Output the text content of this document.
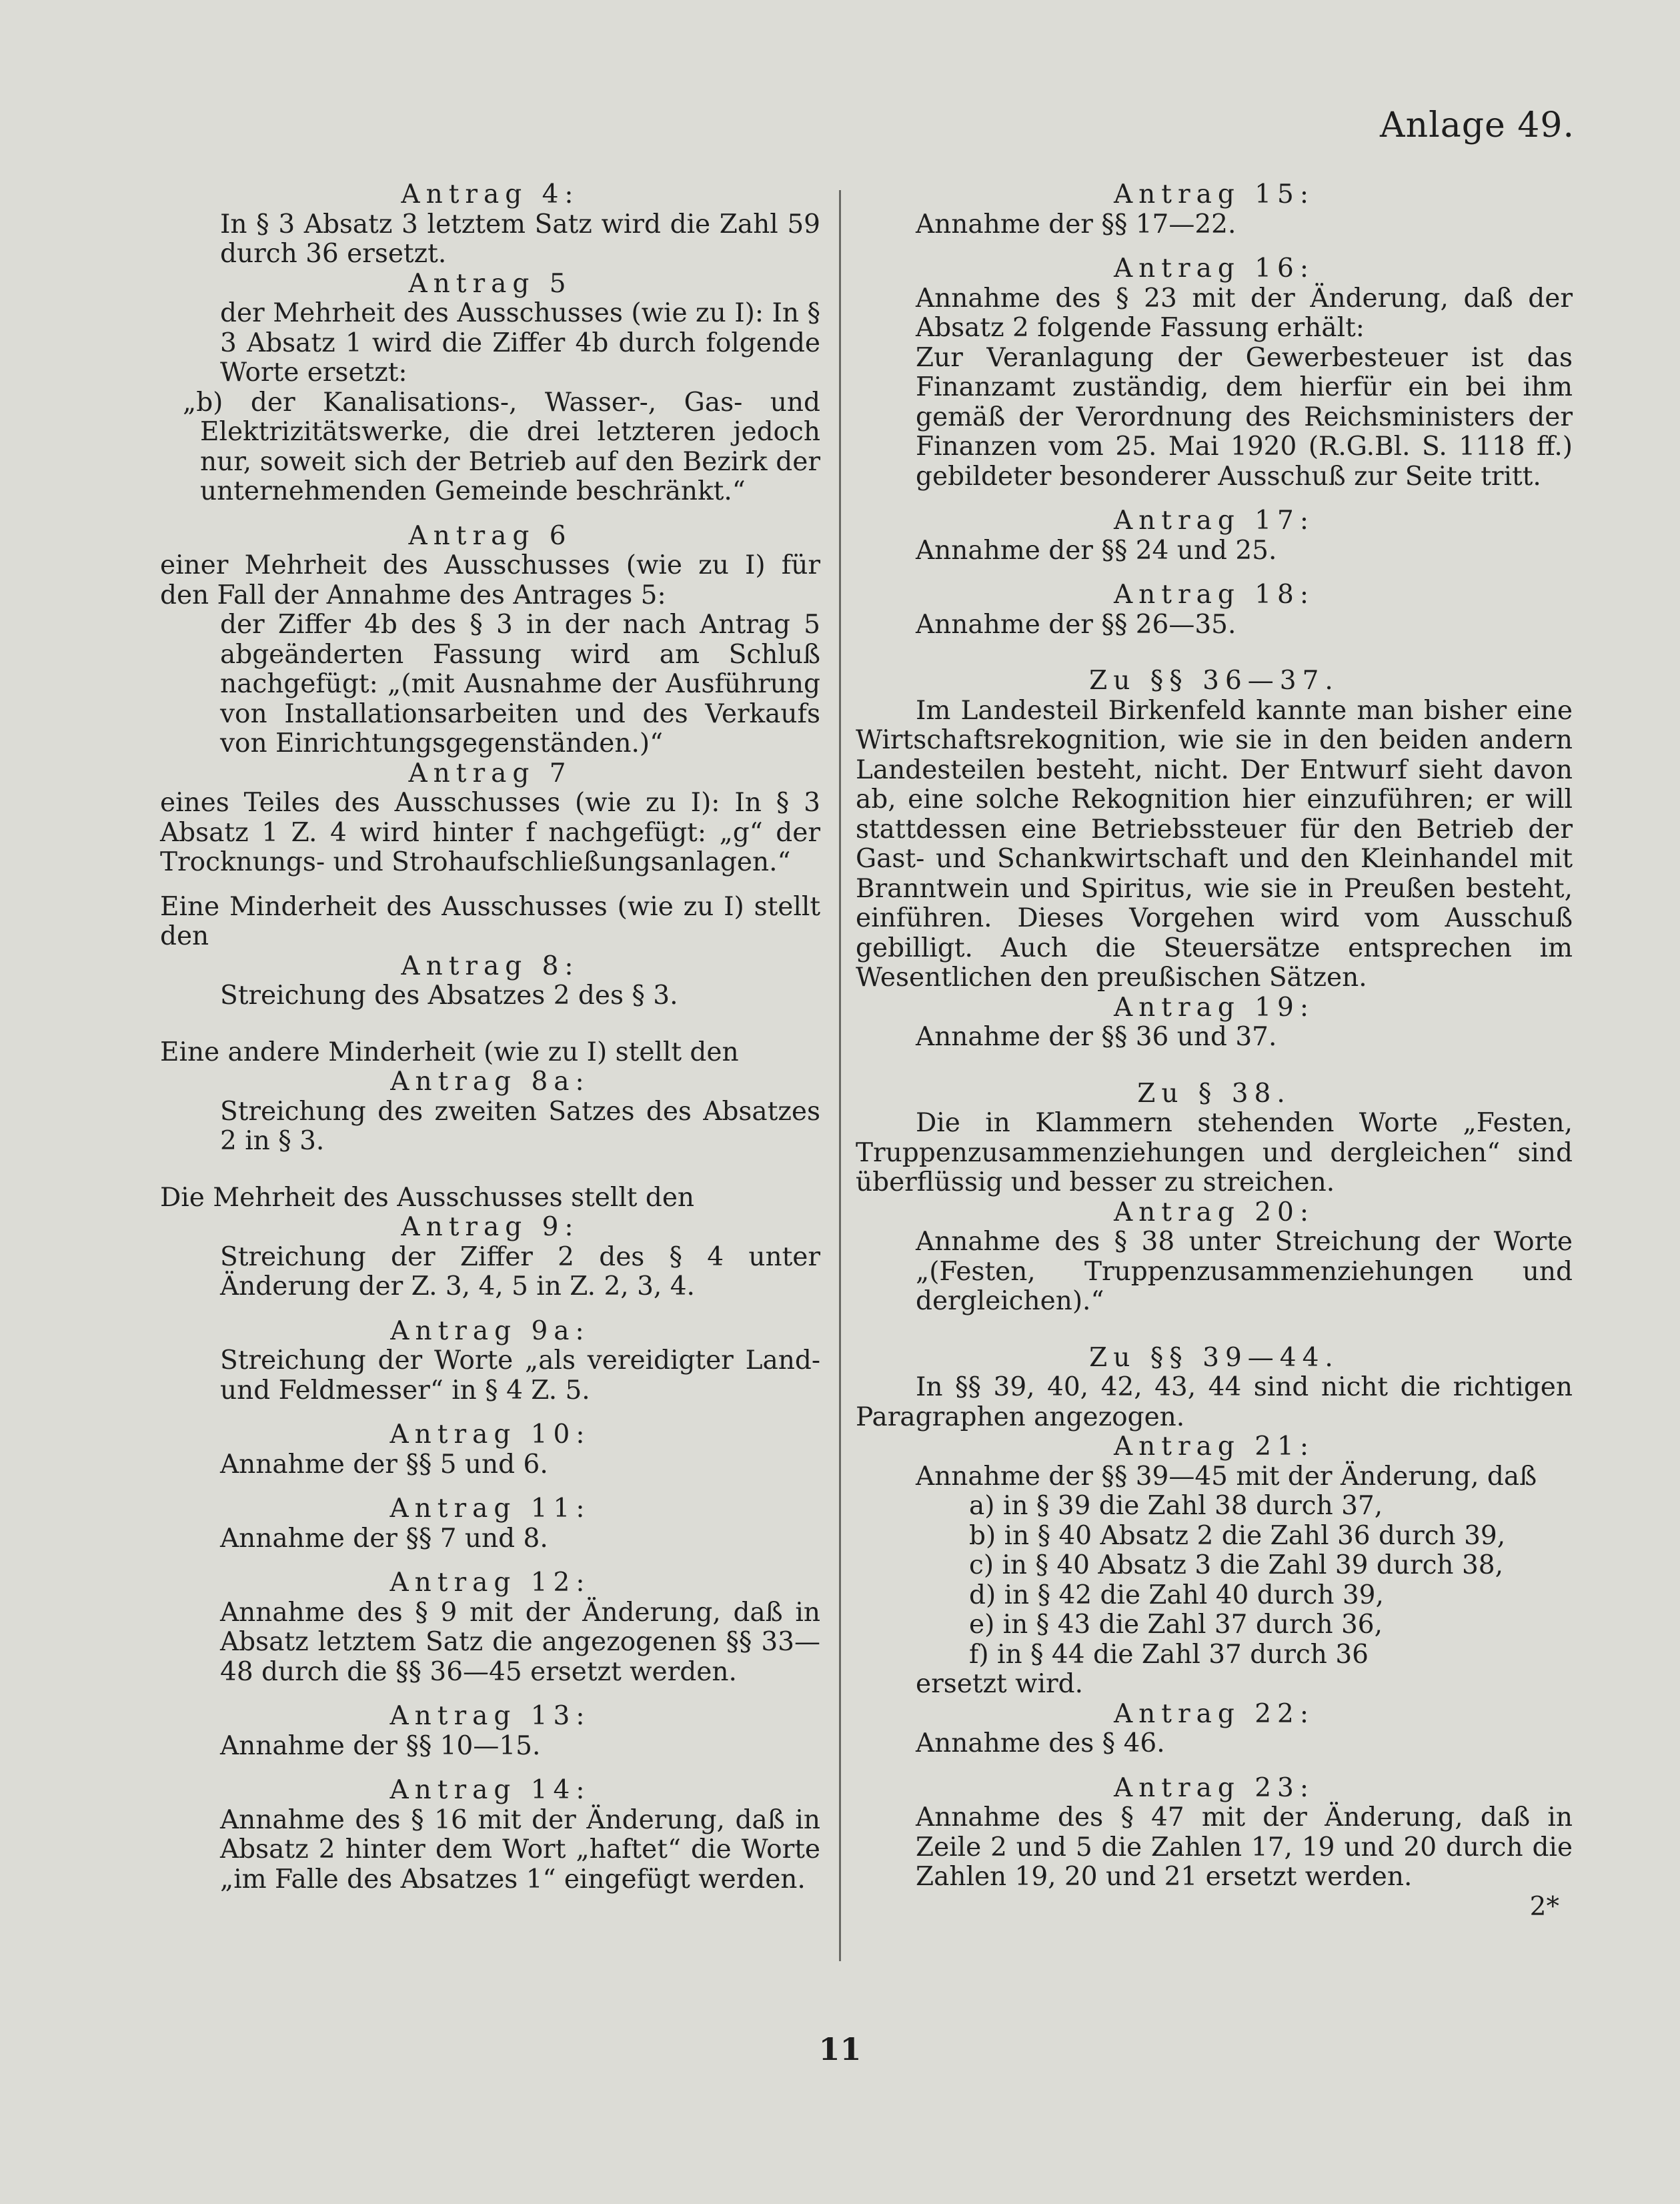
Anlage 49.

Antrag 4:

In § 3 Absatz 3 letztem Satz wird die Zahl 59 durch 36 ersetzt.

Antrag 5

der Mehrheit des Ausschusses (wie zu I): In § 3 Absatz 1 wird die Ziffer 4b durch folgende Worte ersetzt:

„b) der Kanalisations-, Wasser-, Gas- und Elektrizitätswerke, die drei letzteren jedoch nur, soweit sich der Betrieb auf den Bezirk der unternehmenden Gemeinde beschränkt.“

Antrag 6

einer Mehrheit des Ausschusses (wie zu I) für den Fall der Annahme des Antrages 5:

der Ziffer 4b des § 3 in der nach Antrag 5 abgeänderten Fassung wird am Schluß nachgefügt: „(mit Ausnahme der Ausführung von Installationsarbeiten und des Verkaufs von Einrichtungsgegenständen.)“

Antrag 7

eines Teiles des Ausschusses (wie zu I): In § 3 Absatz 1 Z. 4 wird hinter f nachgefügt: „g“ der Trocknungs- und Strohaufschließungsanlagen.“

Eine Minderheit des Ausschusses (wie zu I) stellt den

Antrag 8:

Streichung des Absatzes 2 des § 3.

Eine andere Minderheit (wie zu I) stellt den

Antrag 8a:

Streichung des zweiten Satzes des Absatzes 2 in § 3.

Die Mehrheit des Ausschusses stellt den

Antrag 9:

Streichung der Ziffer 2 des § 4 unter Änderung der Z. 3, 4, 5 in Z. 2, 3, 4.

Antrag 9a:

Streichung der Worte „als vereidigter Land- und Feldmesser“ in § 4 Z. 5.

Antrag 10:

Annahme der §§ 5 und 6.

Antrag 11:

Annahme der §§ 7 und 8.

Antrag 12:

Annahme des § 9 mit der Änderung, daß in Absatz letztem Satz die angezogenen §§ 33—48 durch die §§ 36—45 ersetzt werden.

Antrag 13:

Annahme der §§ 10—15.

Antrag 14:

Annahme des § 16 mit der Änderung, daß in Absatz 2 hinter dem Wort „haftet“ die Worte „im Falle des Absatzes 1“ eingefügt werden.

Antrag 15:

Annahme der §§ 17—22.

Antrag 16:

Annahme des § 23 mit der Änderung, daß der Absatz 2 folgende Fassung erhält:

Zur Veranlagung der Gewerbesteuer ist das Finanzamt zuständig, dem hierfür ein bei ihm gemäß der Verordnung des Reichsministers der Finanzen vom 25. Mai 1920 (R.G.Bl. S. 1118 ff.) gebildeter besonderer Ausschuß zur Seite tritt.

Antrag 17:

Annahme der §§ 24 und 25.

Antrag 18:

Annahme der §§ 26—35.

Zu §§ 36—37.

Im Landesteil Birkenfeld kannte man bisher eine Wirtschaftsrekognition, wie sie in den beiden andern Landesteilen besteht, nicht. Der Entwurf sieht davon ab, eine solche Rekognition hier einzuführen; er will stattdessen eine Betriebssteuer für den Betrieb der Gast- und Schankwirtschaft und den Kleinhandel mit Branntwein und Spiritus, wie sie in Preußen besteht, einführen. Dieses Vorgehen wird vom Ausschuß gebilligt. Auch die Steuersätze entsprechen im Wesentlichen den preußischen Sätzen.

Antrag 19:

Annahme der §§ 36 und 37.

Zu § 38.

Die in Klammern stehenden Worte „Festen, Truppenzusammenziehungen und dergleichen“ sind überflüssig und besser zu streichen.

Antrag 20:

Annahme des § 38 unter Streichung der Worte „(Festen, Truppenzusammenziehungen und dergleichen).“

Zu §§ 39—44.

In §§ 39, 40, 42, 43, 44 sind nicht die richtigen Paragraphen angezogen.

Antrag 21:

Annahme der §§ 39—45 mit der Änderung, daß

a) in § 39 die Zahl 38 durch 37,

b) in § 40 Absatz 2 die Zahl 36 durch 39,

c) in § 40 Absatz 3 die Zahl 39 durch 38,

d) in § 42 die Zahl 40 durch 39,

e) in § 43 die Zahl 37 durch 36,

f) in § 44 die Zahl 37 durch 36

ersetzt wird.

Antrag 22:

Annahme des § 46.

Antrag 23:

Annahme des § 47 mit der Änderung, daß in Zeile 2 und 5 die Zahlen 17, 19 und 20 durch die Zahlen 19, 20 und 21 ersetzt werden.

2*

11
